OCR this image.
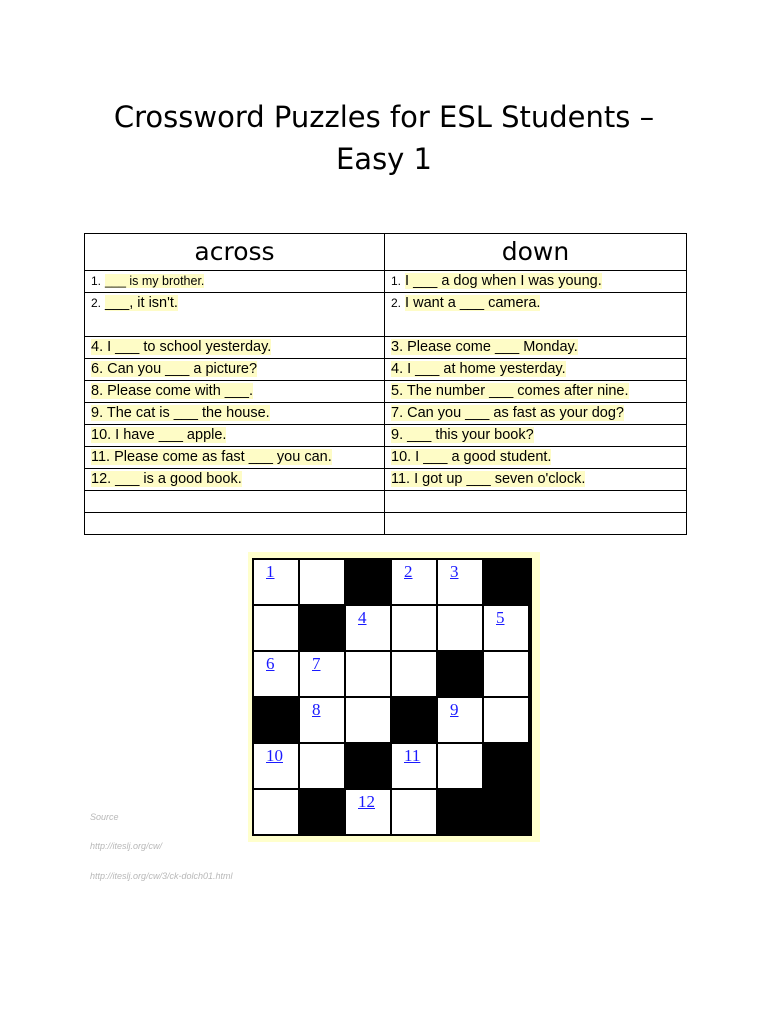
Crossword Puzzles for ESL Students –
Easy 1
across	down
1. ___ is my brother.	1. I ___ a dog when I was young.
2. ___, it isn't.	2. I want a ___ camera.
4. I ___ to school yesterday.	3. Please come ___ Monday.
6. Can you ___ a picture?	4. I ___ at home yesterday.
8. Please come with ___.	5. The number ___ comes after nine.
9. The cat is ___ the house.	7. Can you ___ as fast as your dog?
10. I have ___ apple.	9. ___ this your book?
11. Please come as fast ___ you can.	10. I ___ a good student.
12. ___ is a good book.	11. I got up ___ seven o'clock.

1	2 3
4	5
6 7
8	9
10	11
12
Source
http://iteslj.org/cw/
http://iteslj.org/cw/3/ck-dolch01.html
